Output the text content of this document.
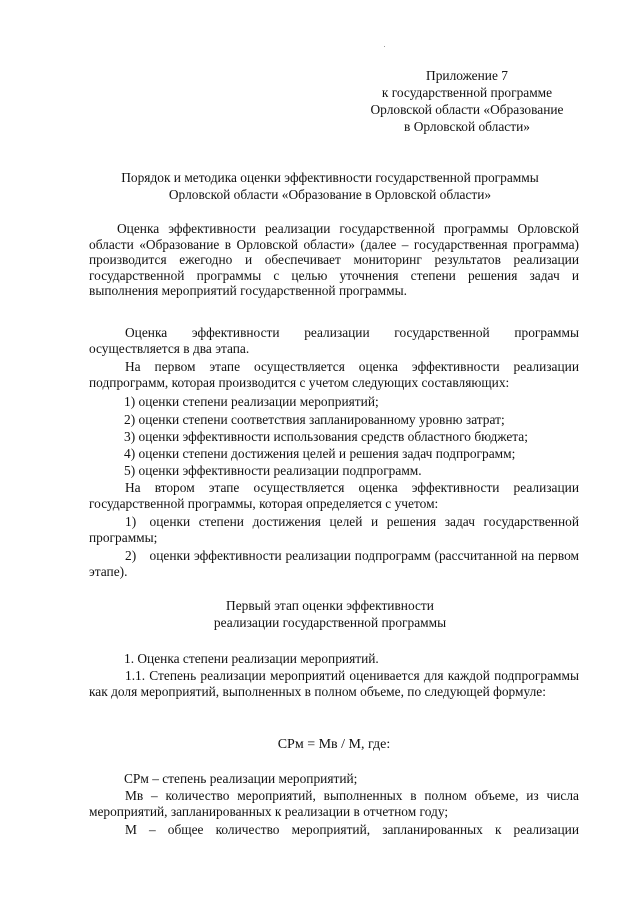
Приложение 7
к государственной программе
Орловской области «Образование
в Орловской области»
Порядок и методика оценки эффективности государственной программы
Орловской области «Образование в Орловской области»
Оценка эффективности реализации государственной программы Орловской области «Образование в Орловской области» (далее – государственная программа) производится ежегодно и обеспечивает мониторинг результатов реализации государственной программы с целью уточнения степени решения задач и выполнения мероприятий государственной программы.
Оценка эффективности реализации государственной программы осуществляется в два этапа.
На первом этапе осуществляется оценка эффективности реализации подпрограмм, которая производится с учетом следующих составляющих:
1) оценки степени реализации мероприятий;
2) оценки степени соответствия запланированному уровню затрат;
3) оценки эффективности использования средств областного бюджета;
4) оценки степени достижения целей и решения задач подпрограмм;
5) оценки эффективности реализации подпрограмм.
На втором этапе осуществляется оценка эффективности реализации государственной программы, которая определяется с учетом:
1) оценки степени достижения целей и решения задач государственной программы;
2) оценки эффективности реализации подпрограмм (рассчитанной на первом этапе).
Первый этап оценки эффективности
реализации государственной программы
1. Оценка степени реализации мероприятий.
1.1. Степень реализации мероприятий оценивается для каждой подпрограммы как доля мероприятий, выполненных в полном объеме, по следующей формуле:
СРм = Мв / М, где:
СРм – степень реализации мероприятий;
Мв – количество мероприятий, выполненных в полном объеме, из числа мероприятий, запланированных к реализации в отчетном году;
М – общее количество мероприятий, запланированных к реализации
